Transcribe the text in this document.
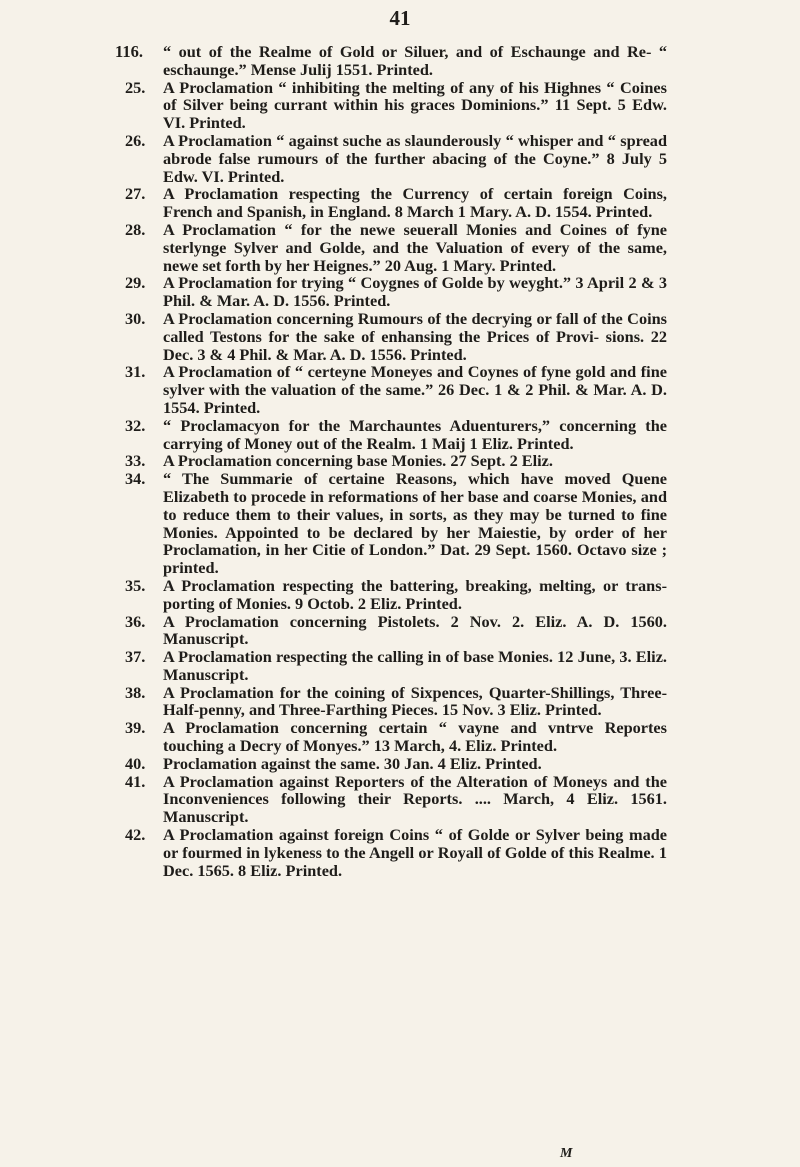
41
116. “ out of the Realme of Gold or Siluer, and of Eschaunge and Re- “ eschaunge.” Mense Julij 1551. Printed.
25.	A Proclamation “ inhibiting the melting of any of his Highnes “ Coines of Silver being currant within his graces Dominions.” 11 Sept. 5 Edw. VI. Printed.
26.	A Proclamation “ against suche as slaunderously “ whisper and “ spread abrode false rumours of the further abacing of the Coyne.” 8 July 5 Edw. VI. Printed.
27.	A Proclamation respecting the Currency of certain foreign Coins, French and Spanish, in England. 8 March 1 Mary. A. D. 1554. Printed.
28.	A Proclamation “ for the newe seuerall Monies and Coines of fyne sterlynge Sylver and Golde, and the Valuation of every of the same, newe set forth by her Heignes.” 20 Aug. 1 Mary. Printed.
29.	A Proclamation for trying “ Coygnes of Golde by weyght.” 3 April 2 & 3 Phil. & Mar. A. D. 1556. Printed.
30.	A Proclamation concerning Rumours of the decrying or fall of the Coins called Testons for the sake of enhansing the Prices of Provi- sions. 22 Dec. 3 & 4 Phil. & Mar. A. D. 1556. Printed.
31.	A Proclamation of “ certeyne Moneyes and Coynes of fyne gold and fine sylver with the valuation of the same.” 26 Dec. 1 & 2 Phil. & Mar. A. D. 1554. Printed.
32.	“ Proclamacyon for the Marchauntes Aduenturers,” concerning the carrying of Money out of the Realm. 1 Maij 1 Eliz. Printed.
33.	A Proclamation concerning base Monies. 27 Sept. 2 Eliz.
34.	“ The Summarie of certaine Reasons, which have moved Quene Elizabeth to procede in reformations of her base and coarse Monies, and to reduce them to their values, in sorts, as they may be turned to fine Monies. Appointed to be declared by her Maiestie, by order of her Proclamation, in her Citie of London.” Dat. 29 Sept. 1560. Octavo size ; printed.
35.	A Proclamation respecting the battering, breaking, melting, or trans- porting of Monies. 9 Octob. 2 Eliz. Printed.
36.	A Proclamation concerning Pistolets. 2 Nov. 2. Eliz. A. D. 1560. Manuscript.
37.	A Proclamation respecting the calling in of base Monies. 12 June, 3. Eliz. Manuscript.
38.	A Proclamation for the coining of Sixpences, Quarter-Shillings, Three-Half-penny, and Three-Farthing Pieces. 15 Nov. 3 Eliz. Printed.
39.	A Proclamation concerning certain “ vayne and vntrve Reportes touching a Decry of Monyes.” 13 March, 4. Eliz. Printed.
40.	Proclamation against the same. 30 Jan. 4 Eliz. Printed.
41.	A Proclamation against Reporters of the Alteration of Moneys and the Inconveniences following their Reports. .... March, 4 Eliz. 1561. Manuscript.
42.	A Proclamation against foreign Coins “ of Golde or Sylver being made or fourmed in lykeness to the Angell or Royall of Golde of this Realme. 1 Dec. 1565. 8 Eliz. Printed.
M
